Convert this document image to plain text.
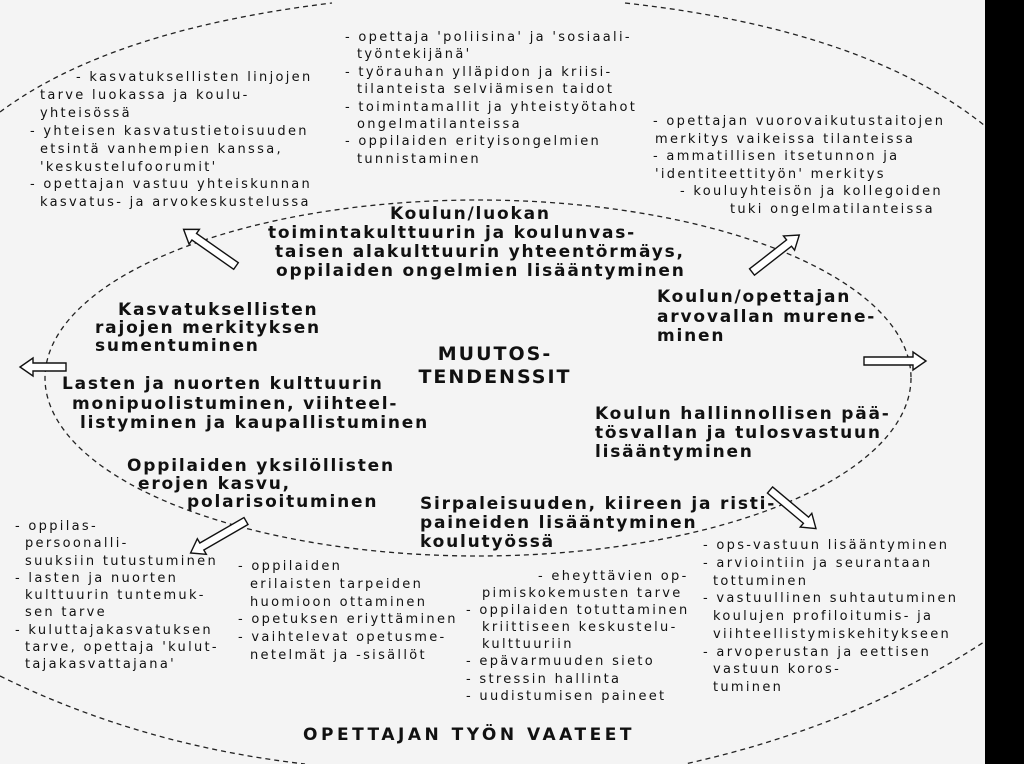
MUUTOS-
TENDENSSIT
Koulun/luokan
toimintakulttuurin ja koulunvas-
taisen alakulttuurin yhteentörmäys,
oppilaiden ongelmien lisääntyminen
Kasvatuksellisten
rajojen merkityksen
sumentuminen
Lasten ja nuorten kulttuurin
monipuolistuminen, viihteel-
listyminen ja kaupallistuminen
Oppilaiden yksilöllisten
erojen kasvu,
polarisoituminen
Koulun/opettajan
arvovallan murene-
minen
Koulun hallinnollisen pää-
tösvallan ja tulosvastuun
lisääntyminen
Sirpaleisuuden, kiireen ja risti-
paineiden lisääntyminen
koulutyössä
- kasvatuksellisten linjojen
tarve luokassa ja koulu-
yhteisössä
- yhteisen kasvatustietoisuuden
etsintä vanhempien kanssa,
'keskustelufoorumit'
- opettajan vastuu yhteiskunnan
kasvatus- ja arvokeskustelussa
- opettaja 'poliisina' ja 'sosiaali-
työntekijänä'
- työrauhan ylläpidon ja kriisi-
tilanteista selviämisen taidot
- toimintamallit ja yhteistyötahot
ongelmatilanteissa
- oppilaiden erityisongelmien
tunnistaminen
- opettajan vuorovaikutustaitojen
merkitys vaikeissa tilanteissa
- ammatillisen itsetunnon ja
'identiteettityön' merkitys
- kouluyhteisön ja kollegoiden
tuki ongelmatilanteissa
- oppilas-
persoonalli-
suuksiin tutustuminen
- lasten ja nuorten
kulttuurin tuntemuk-
sen tarve
- kuluttajakasvatuksen
tarve, opettaja 'kulut-
tajakasvattajana'
- oppilaiden
erilaisten tarpeiden
huomioon ottaminen
- opetuksen eriyttäminen
- vaihtelevat opetusme-
netelmät ja -sisällöt
- eheyttävien op-
pimiskokemusten tarve
- oppilaiden totuttaminen
kriittiseen keskustelu-
kulttuuriin
- epävarmuuden sieto
- stressin hallinta
- uudistumisen paineet
- ops-vastuun lisääntyminen
- arviointiin ja seurantaan
tottuminen
- vastuullinen suhtautuminen
koulujen profiloitumis- ja
viihteellistymiskehitykseen
- arvoperustan ja eettisen
vastuun koros-
tuminen
OPETTAJAN TYÖN VAATEET
